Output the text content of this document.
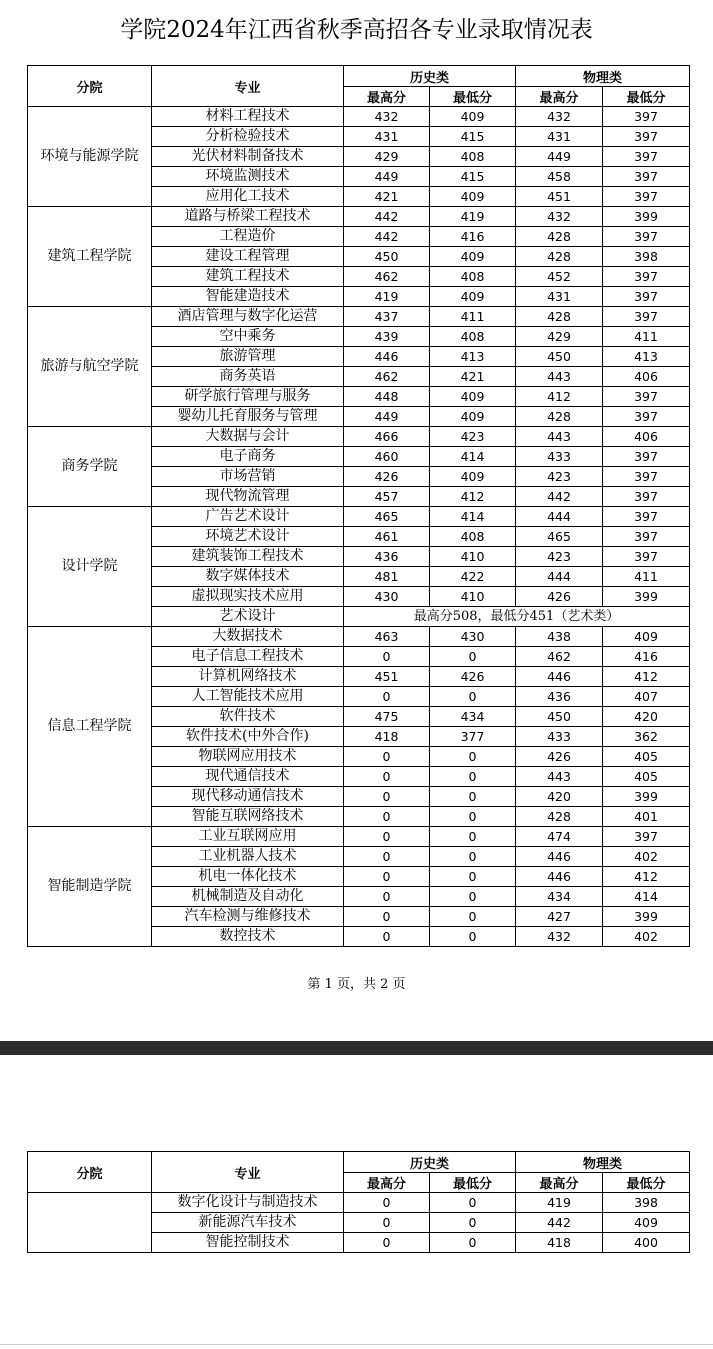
学院2024年江西省秋季高招各专业录取情况表
分院	专业	历史类		物理类	
		最高分	最低分	最高分	最低分
环境与能源学院	材料工程技术	432	409	432	397
	分析检验技术	431	415	431	397
	光伏材料制备技术	429	408	449	397
	环境监测技术	449	415	458	397
	应用化工技术	421	409	451	397
建筑工程学院	道路与桥梁工程技术	442	419	432	399
	工程造价	442	416	428	397
	建设工程管理	450	409	428	398
	建筑工程技术	462	408	452	397
	智能建造技术	419	409	431	397
旅游与航空学院	酒店管理与数字化运营	437	411	428	397
	空中乘务	439	408	429	411
	旅游管理	446	413	450	413
	商务英语	462	421	443	406
	研学旅行管理与服务	448	409	412	397
	婴幼儿托育服务与管理	449	409	428	397
商务学院	大数据与会计	466	423	443	406
	电子商务	460	414	433	397
	市场营销	426	409	423	397
	现代物流管理	457	412	442	397
设计学院	广告艺术设计	465	414	444	397
	环境艺术设计	461	408	465	397
	建筑装饰工程技术	436	410	423	397
	数字媒体技术	481	422	444	411
	虚拟现实技术应用	430	410	426	399
	艺术设计	最高分508，最低分451（艺术类）			
信息工程学院	大数据技术	463	430	438	409
	电子信息工程技术	0	0	462	416
	计算机网络技术	451	426	446	412
	人工智能技术应用	0	0	436	407
	软件技术	475	434	450	420
	软件技术(中外合作)	418	377	433	362
	物联网应用技术	0	0	426	405
	现代通信技术	0	0	443	405
	现代移动通信技术	0	0	420	399
	智能互联网络技术	0	0	428	401
智能制造学院	工业互联网应用	0	0	474	397
	工业机器人技术	0	0	446	402
	机电一体化技术	0	0	446	412
	机械制造及自动化	0	0	434	414
	汽车检测与维修技术	0	0	427	399
	数控技术	0	0	432	402
第 1 页，共 2 页
分院	专业	历史类		物理类	
		最高分	最低分	最高分	最低分
	数字化设计与制造技术	0	0	419	398
	新能源汽车技术	0	0	442	409
	智能控制技术	0	0	418	400
